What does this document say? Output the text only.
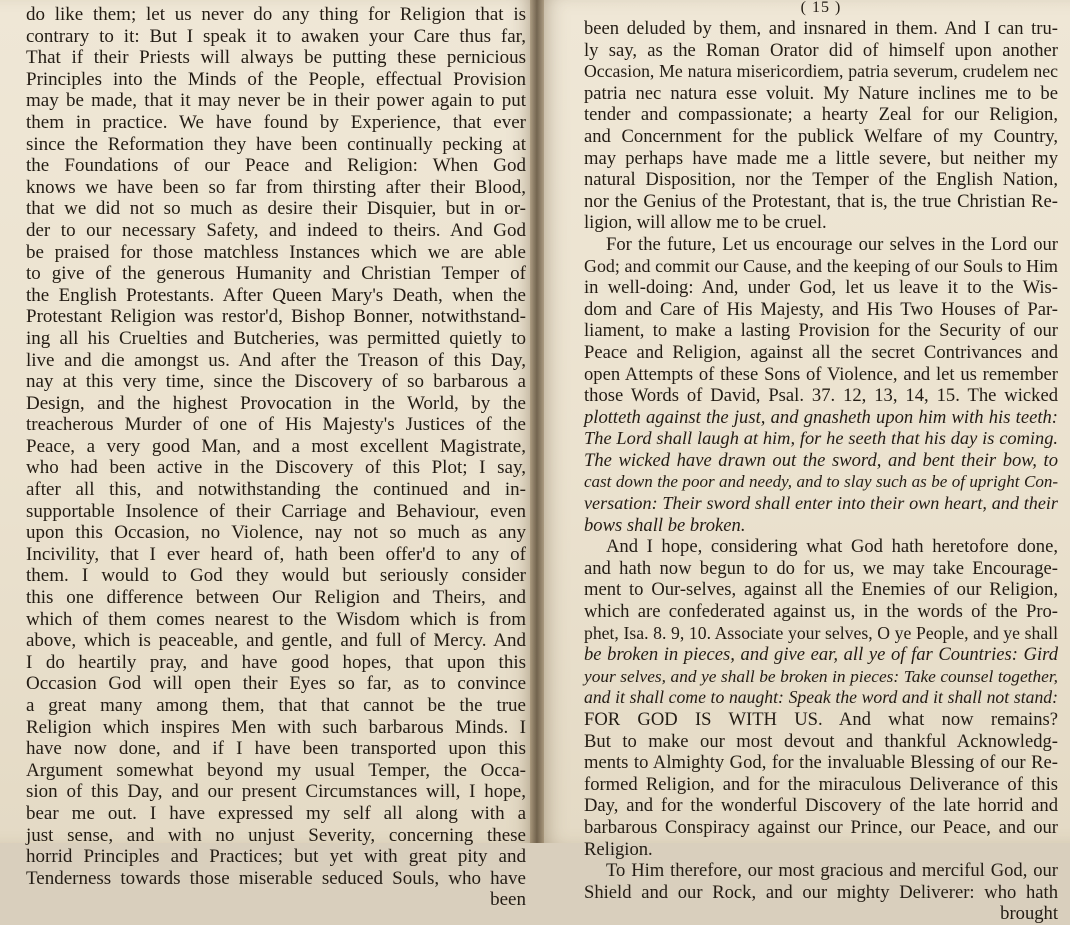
do like them; let us never do any thing for Religion that is
contrary to it: But I speak it to awaken your Care thus far,
That if their Priests will always be putting these pernicious
Principles into the Minds of the People, effectual Provision
may be made, that it may never be in their power again to put
them in practice. We have found by Experience, that ever
since the Reformation they have been continually pecking at
the Foundations of our Peace and Religion: When God
knows we have been so far from thirsting after their Blood,
that we did not so much as desire their Disquier, but in or-
der to our necessary Safety, and indeed to theirs. And God
be praised for those matchless Instances which we are able
to give of the generous Humanity and Christian Temper of
the English Protestants. After Queen Mary's Death, when the
Protestant Religion was restor'd, Bishop Bonner, notwithstand-
ing all his Cruelties and Butcheries, was permitted quietly to
live and die amongst us. And after the Treason of this Day,
nay at this very time, since the Discovery of so barbarous a
Design, and the highest Provocation in the World, by the
treacherous Murder of one of His Majesty's Justices of the
Peace, a very good Man, and a most excellent Magistrate,
who had been active in the Discovery of this Plot; I say,
after all this, and notwithstanding the continued and in-
supportable Insolence of their Carriage and Behaviour, even
upon this Occasion, no Violence, nay not so much as any
Incivility, that I ever heard of, hath been offer'd to any of
them. I would to God they would but seriously consider
this one difference between Our Religion and Theirs, and
which of them comes nearest to the Wisdom which is from
above, which is peaceable, and gentle, and full of Mercy. And
I do heartily pray, and have good hopes, that upon this
Occasion God will open their Eyes so far, as to convince
a great many among them, that that cannot be the true
Religion which inspires Men with such barbarous Minds. I
have now done, and if I have been transported upon this
Argument somewhat beyond my usual Temper, the Occa-
sion of this Day, and our present Circumstances will, I hope,
bear me out. I have expressed my self all along with a
just sense, and with no unjust Severity, concerning these
horrid Principles and Practices; but yet with great pity and
Tenderness towards those miserable seduced Souls, who have
been
( 15 )
been deluded by them, and insnared in them. And I can tru-
ly say, as the Roman Orator did of himself upon another
Occasion, Me natura misericordiem, patria severum, crudelem nec
patria nec natura esse voluit. My Nature inclines me to be
tender and compassionate; a hearty Zeal for our Religion,
and Concernment for the publick Welfare of my Country,
may perhaps have made me a little severe, but neither my
natural Disposition, nor the Temper of the English Nation,
nor the Genius of the Protestant, that is, the true Christian Re-
ligion, will allow me to be cruel.
For the future, Let us encourage our selves in the Lord our
God; and commit our Cause, and the keeping of our Souls to Him
in well-doing: And, under God, let us leave it to the Wis-
dom and Care of His Majesty, and His Two Houses of Par-
liament, to make a lasting Provision for the Security of our
Peace and Religion, against all the secret Contrivances and
open Attempts of these Sons of Violence, and let us remember
those Words of David, Psal. 37. 12, 13, 14, 15. The wicked
plotteth against the just, and gnasheth upon him with his teeth:
The Lord shall laugh at him, for he seeth that his day is coming.
The wicked have drawn out the sword, and bent their bow, to
cast down the poor and needy, and to slay such as be of upright Con-
versation: Their sword shall enter into their own heart, and their
bows shall be broken.
And I hope, considering what God hath heretofore done,
and hath now begun to do for us, we may take Encourage-
ment to Our-selves, against all the Enemies of our Religion,
which are confederated against us, in the words of the Pro-
phet, Isa. 8. 9, 10. Associate your selves, O ye People, and ye shall
be broken in pieces, and give ear, all ye of far Countries: Gird
your selves, and ye shall be broken in pieces: Take counsel together,
and it shall come to naught: Speak the word and it shall not stand:
FOR GOD IS WITH US. And what now remains?
But to make our most devout and thankful Acknowledg-
ments to Almighty God, for the invaluable Blessing of our Re-
formed Religion, and for the miraculous Deliverance of this
Day, and for the wonderful Discovery of the late horrid and
barbarous Conspiracy against our Prince, our Peace, and our
Religion.
To Him therefore, our most gracious and merciful God, our
Shield and our Rock, and our mighty Deliverer: who hath
brought
